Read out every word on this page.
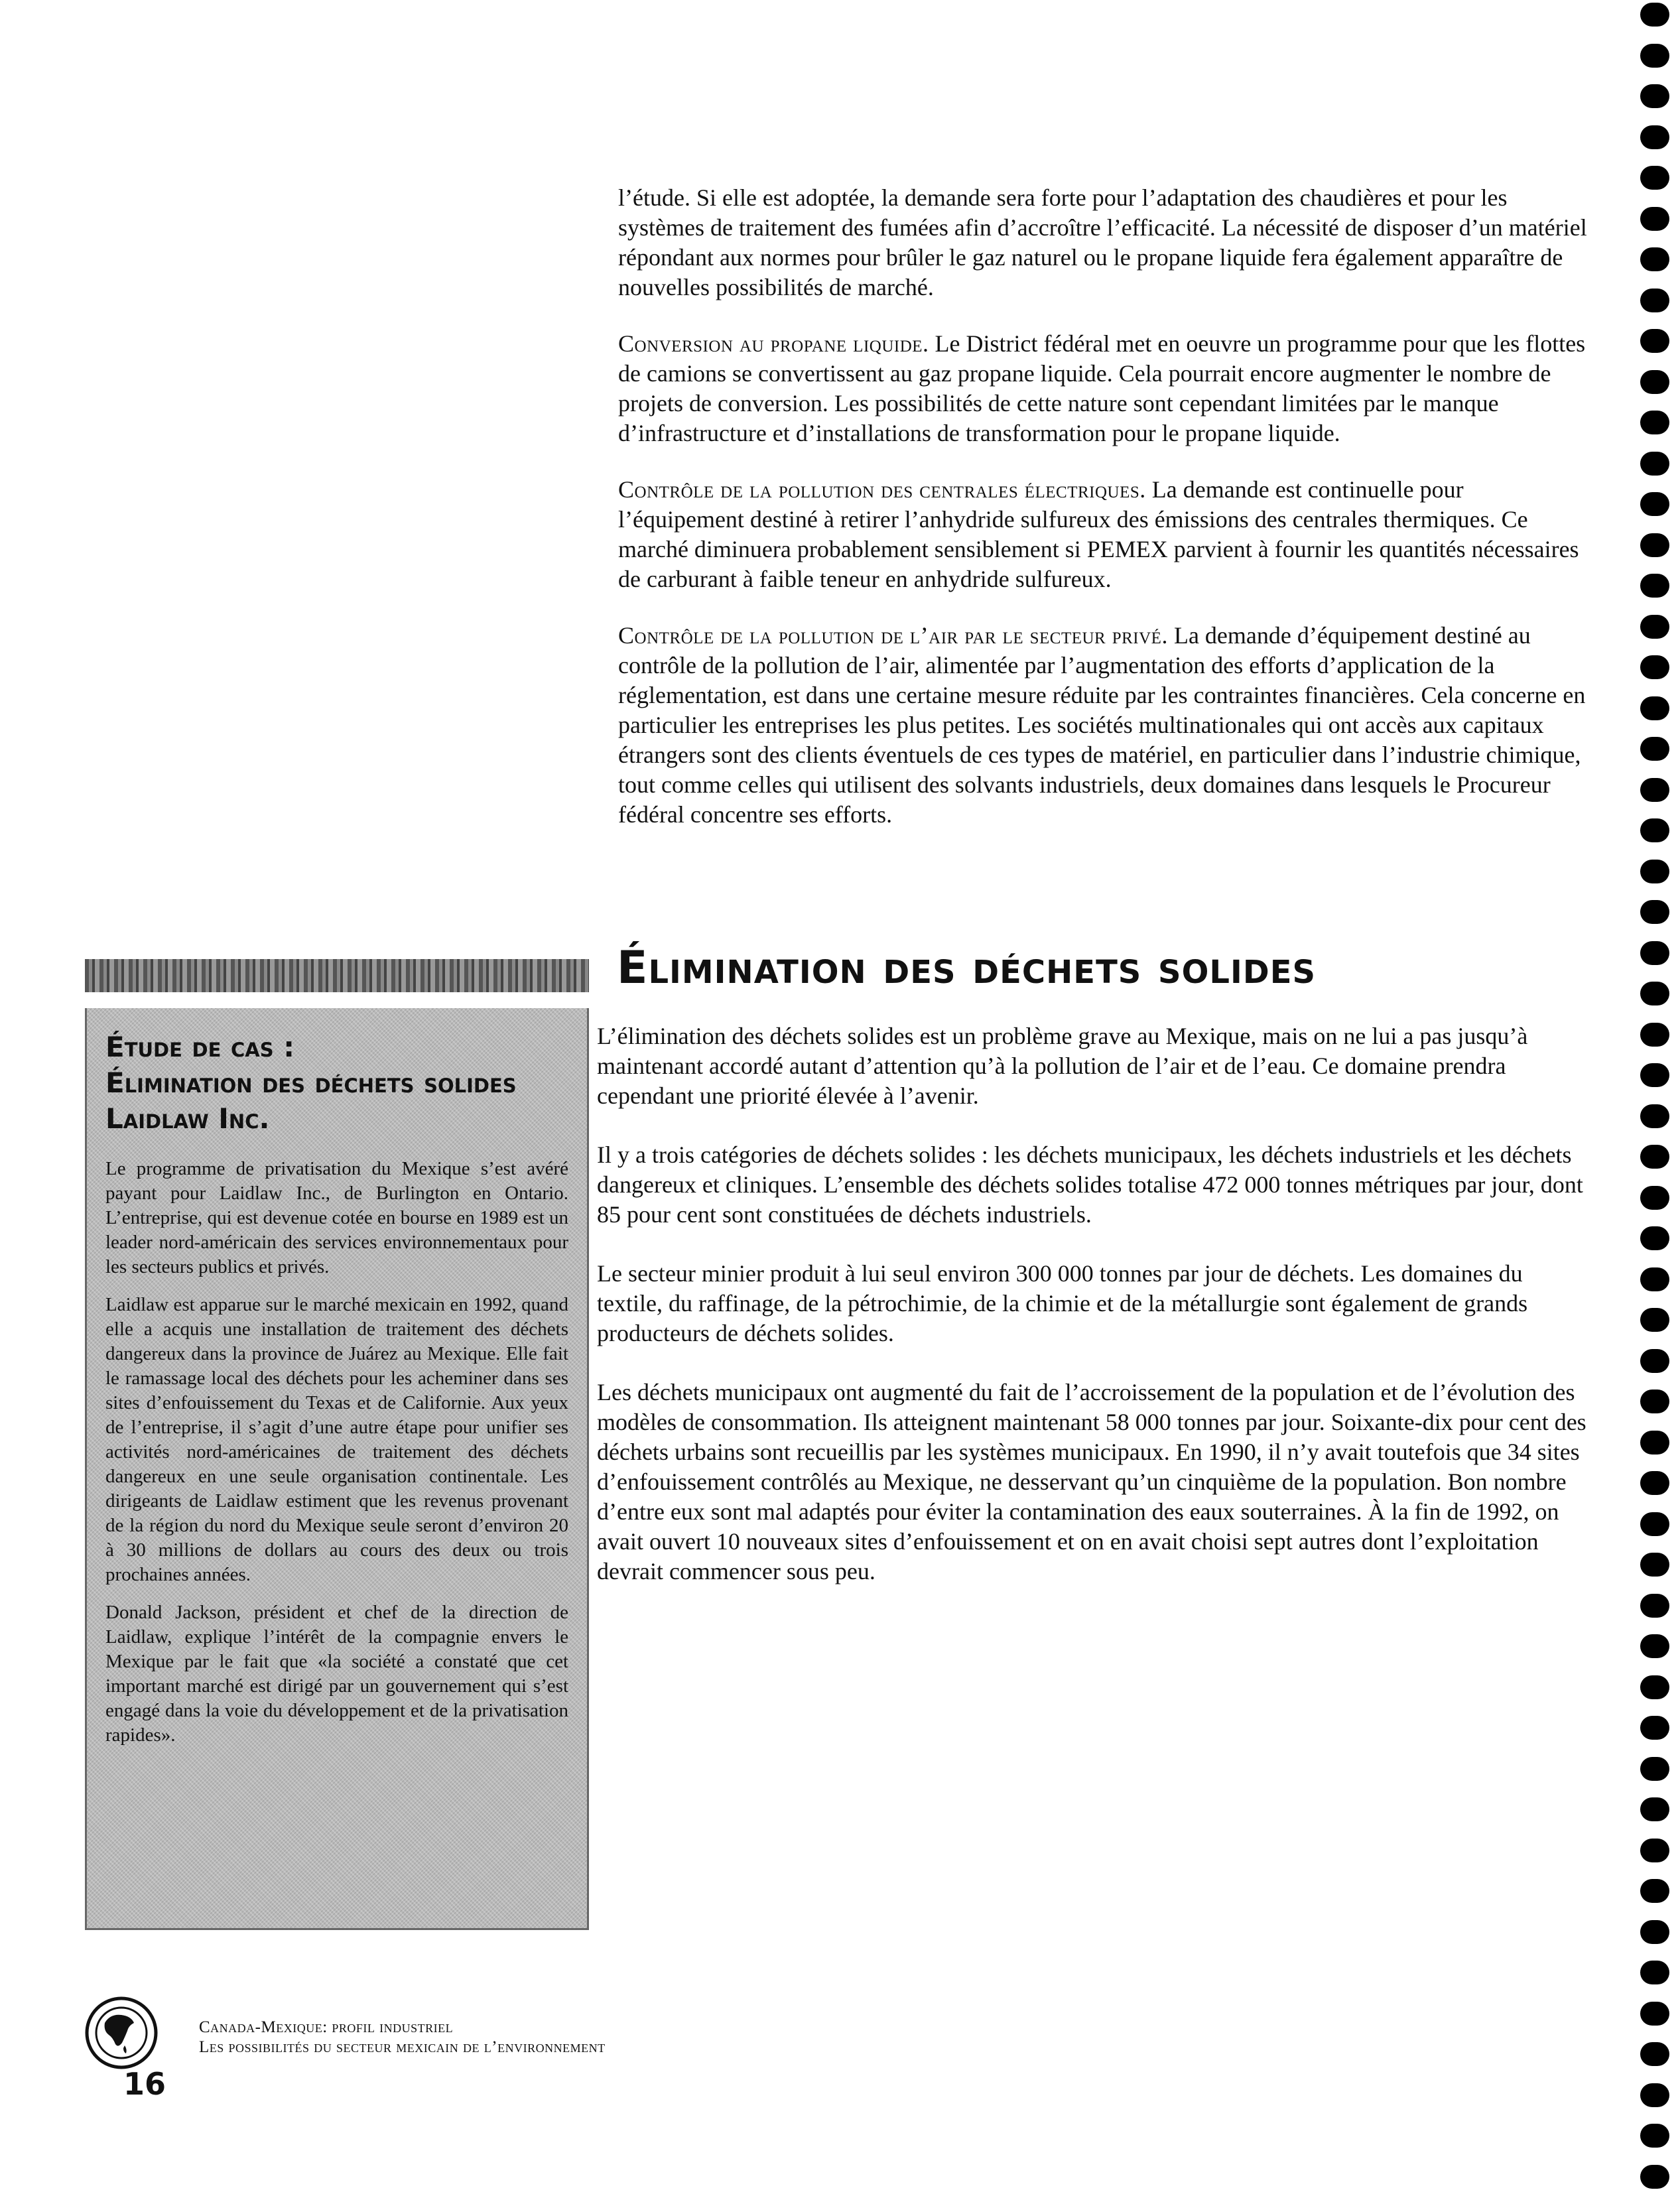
l’étude. Si elle est adoptée, la demande sera forte pour l’adaptation des chaudières et pour les systèmes de traitement des fumées afin d’accroître l’efficacité. La nécessité de disposer d’un matériel répondant aux normes pour brûler le gaz naturel ou le propane liquide fera également apparaître de nouvelles possibilités de marché.

Conversion au propane liquide. Le District fédéral met en oeuvre un programme pour que les flottes de camions se convertissent au gaz propane liquide. Cela pourrait encore augmenter le nombre de projets de conversion. Les possibilités de cette nature sont cependant limitées par le manque d’infrastructure et d’installations de transformation pour le propane liquide.

Contrôle de la pollution des centrales électriques. La demande est continuelle pour l’équipement destiné à retirer l’anhydride sulfureux des émissions des centrales thermiques. Ce marché diminuera probablement sensiblement si PEMEX parvient à fournir les quantités nécessaires de carburant à faible teneur en anhydride sulfureux.

Contrôle de la pollution de l’air par le secteur privé. La demande d’équipement destiné au contrôle de la pollution de l’air, alimentée par l’augmentation des efforts d’application de la réglementation, est dans une certaine mesure réduite par les contraintes financières. Cela concerne en particulier les entreprises les plus petites. Les sociétés multinationales qui ont accès aux capitaux étrangers sont des clients éventuels de ces types de matériel, en particulier dans l’industrie chimique, tout comme celles qui utilisent des solvants industriels, deux domaines dans lesquels le Procureur fédéral concentre ses efforts.

Élimination des déchets solides

L’élimination des déchets solides est un problème grave au Mexique, mais on ne lui a pas jusqu’à maintenant accordé autant d’attention qu’à la pollution de l’air et de l’eau. Ce domaine prendra cependant une priorité élevée à l’avenir.

Il y a trois catégories de déchets solides : les déchets municipaux, les déchets industriels et les déchets dangereux et cliniques. L’ensemble des déchets solides totalise 472 000 tonnes métriques par jour, dont 85 pour cent sont constituées de déchets industriels.

Le secteur minier produit à lui seul environ 300 000 tonnes par jour de déchets. Les domaines du textile, du raffinage, de la pétrochimie, de la chimie et de la métallurgie sont également de grands producteurs de déchets solides.

Les déchets municipaux ont augmenté du fait de l’accroissement de la population et de l’évolution des modèles de consommation. Ils atteignent maintenant 58 000 tonnes par jour. Soixante-dix pour cent des déchets urbains sont recueillis par les systèmes municipaux. En 1990, il n’y avait toutefois que 34 sites d’enfouissement contrôlés au Mexique, ne desservant qu’un cinquième de la population. Bon nombre d’entre eux sont mal adaptés pour éviter la contamination des eaux souterraines. À la fin de 1992, on avait ouvert 10 nouveaux sites d’enfouissement et on en avait choisi sept autres dont l’exploitation devrait commencer sous peu.

Étude de cas :
Élimination des déchets solides
Laidlaw Inc.

Le programme de privatisation du Mexique s’est avéré payant pour Laidlaw Inc., de Burlington en Ontario. L’entreprise, qui est devenue cotée en bourse en 1989 est un leader nord-américain des services environnementaux pour les secteurs publics et privés.

Laidlaw est apparue sur le marché mexicain en 1992, quand elle a acquis une installation de traitement des déchets dangereux dans la province de Juárez au Mexique. Elle fait le ramassage local des déchets pour les acheminer dans ses sites d’enfouissement du Texas et de Californie. Aux yeux de l’entreprise, il s’agit d’une autre étape pour unifier ses activités nord-américaines de traitement des déchets dangereux en une seule organisation continentale. Les dirigeants de Laidlaw estiment que les revenus provenant de la région du nord du Mexique seule seront d’environ 20 à 30 millions de dollars au cours des deux ou trois prochaines années.

Donald Jackson, président et chef de la direction de Laidlaw, explique l’intérêt de la compagnie envers le Mexique par le fait que «la société a constaté que cet important marché est dirigé par un gouvernement qui s’est engagé dans la voie du développement et de la privatisation rapides».

Canada-Mexique: profil industriel
Les possibilités du secteur mexicain de l’environnement
16
